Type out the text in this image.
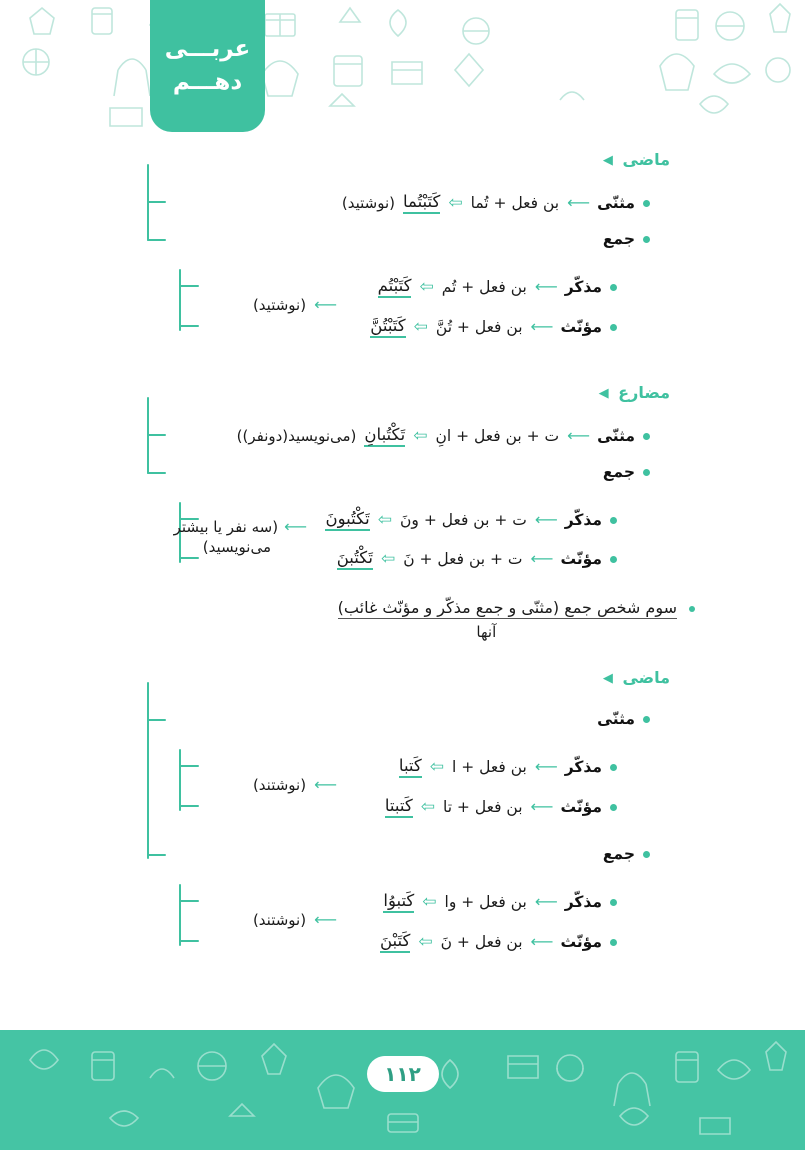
عربـــی
دهـــم
ماضی ◀
مثنّی
⟵
بن فعل + تُما
⇦
كَتَبْتُما
(نوشتید)
جمع
مذکّر
⟵
بن فعل + تُم
⇦
كَتَبْتُم
مؤنّث
⟵
بن فعل + تُنَّ
⇦
كَتَبْتُنَّ
⟵
(نوشتید)
مضارع ◀
مثنّی
⟵
ت + بن فعل + انِ
⇦
تَكْتُبانِ
(می‌نویسید(دونفر))
جمع
مذکّر
⟵
ت + بن فعل + ونَ
⇦
تَكْتُبونَ
مؤنّث
⟵
ت + بن فعل + نَ
⇦
تَكْتُبنَ
⟵
(سه نفر یا بیشتر
می‌نویسید)
سوم شخص جمع (مثنّی و جمع مذکّر و مؤنّث غائب)
آنها
ماضی ◀
مثنّی
مذکّر
⟵
بن فعل + ا
⇦
كَتبا
مؤنّث
⟵
بن فعل + تا
⇦
كَتبتا
⟵
(نوشتند)
جمع
مذکّر
⟵
بن فعل + وا
⇦
كَتبوُا
مؤنّث
⟵
بن فعل + نَ
⇦
كَتَبْنَ
⟵
(نوشتند)
۱۱۲
